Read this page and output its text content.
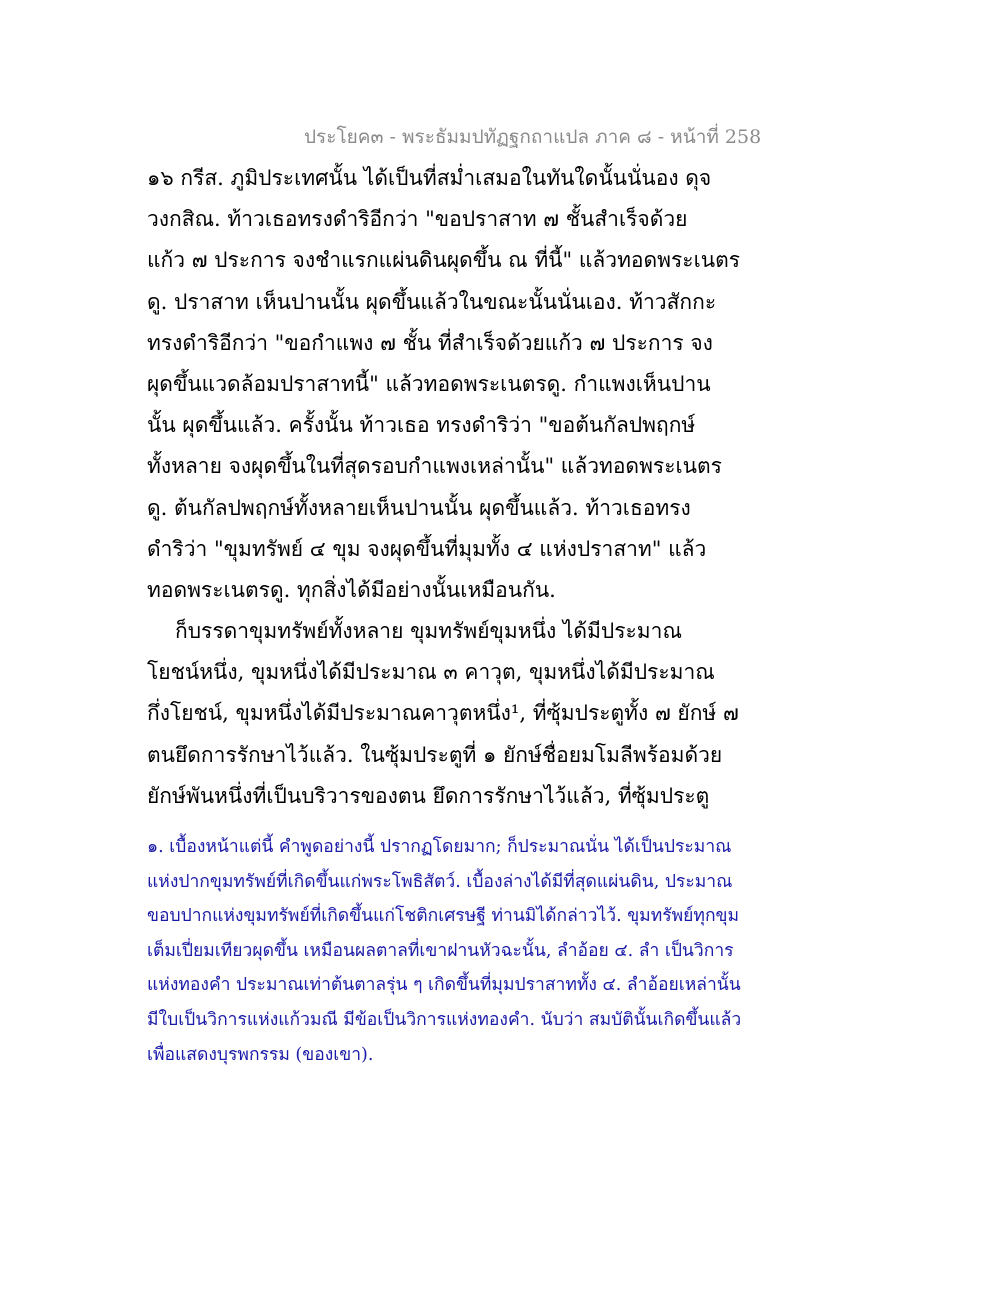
ประโยค๓ - พระธัมมปทัฏฐกถาแปล ภาค ๘ - หน้าที่ 258
๑๖ กรีส. ภูมิประเทศนั้น ได้เป็นที่สม่ำเสมอในทันใดนั้นนั่นอง ดุจ
วงกสิณ. ท้าวเธอทรงดำริอีกว่า "ขอปราสาท ๗ ชั้นสำเร็จด้วย
แก้ว ๗ ประการ จงชำแรกแผ่นดินผุดขึ้น ณ ที่นี้" แล้วทอดพระเนตร
ดู. ปราสาท เห็นปานนั้น ผุดขึ้นแล้วในขณะนั้นนั่นเอง. ท้าวสักกะ
ทรงดำริอีกว่า "ขอกำแพง ๗ ชั้น ที่สำเร็จด้วยแก้ว ๗ ประการ จง
ผุดขึ้นแวดล้อมปราสาทนี้" แล้วทอดพระเนตรดู. กำแพงเห็นปาน
นั้น ผุดขึ้นแล้ว. ครั้งนั้น ท้าวเธอ ทรงดำริว่า "ขอต้นกัลปพฤกษ์
ทั้งหลาย จงผุดขึ้นในที่สุดรอบกำแพงเหล่านั้น" แล้วทอดพระเนตร
ดู. ต้นกัลปพฤกษ์ทั้งหลายเห็นปานนั้น ผุดขึ้นแล้ว. ท้าวเธอทรง
ดำริว่า "ขุมทรัพย์ ๔ ขุม จงผุดขึ้นที่มุมทั้ง ๔ แห่งปราสาท" แล้ว
ทอดพระเนตรดู. ทุกสิ่งได้มีอย่างนั้นเหมือนกัน.
ก็บรรดาขุมทรัพย์ทั้งหลาย ขุมทรัพย์ขุมหนึ่ง ได้มีประมาณ
โยชน์หนึ่ง, ขุมหนึ่งได้มีประมาณ ๓ คาวุต, ขุมหนึ่งได้มีประมาณ
กึ่งโยชน์, ขุมหนึ่งได้มีประมาณคาวุตหนึ่ง¹, ที่ซุ้มประตูทั้ง ๗ ยักษ์ ๗
ตนยึดการรักษาไว้แล้ว. ในซุ้มประตูที่ ๑ ยักษ์ชื่อยมโมลีพร้อมด้วย
ยักษ์พันหนึ่งที่เป็นบริวารของตน ยึดการรักษาไว้แล้ว, ที่ซุ้มประตู
๑. เบื้องหน้าแต่นี้ คำพูดอย่างนี้ ปรากฏโดยมาก; ก็ประมาณนั่น ได้เป็นประมาณ
แห่งปากขุมทรัพย์ที่เกิดขึ้นแก่พระโพธิสัตว์. เบื้องล่างได้มีที่สุดแผ่นดิน, ประมาณ
ขอบปากแห่งขุมทรัพย์ที่เกิดขึ้นแก่โชติกเศรษฐี ท่านมิได้กล่าวไว้. ขุมทรัพย์ทุกขุม
เต็มเปี่ยมเทียวผุดขึ้น เหมือนผลตาลที่เขาฝานหัวฉะนั้น, ลำอ้อย ๔. ลำ เป็นวิการ
แห่งทองคำ ประมาณเท่าต้นตาลรุ่น ๆ เกิดขึ้นที่มุมปราสาททั้ง ๔. ลำอ้อยเหล่านั้น
มีใบเป็นวิการแห่งแก้วมณี มีข้อเป็นวิการแห่งทองคำ. นับว่า สมบัตินั้นเกิดขึ้นแล้ว
เพื่อแสดงบุรพกรรม (ของเขา).
